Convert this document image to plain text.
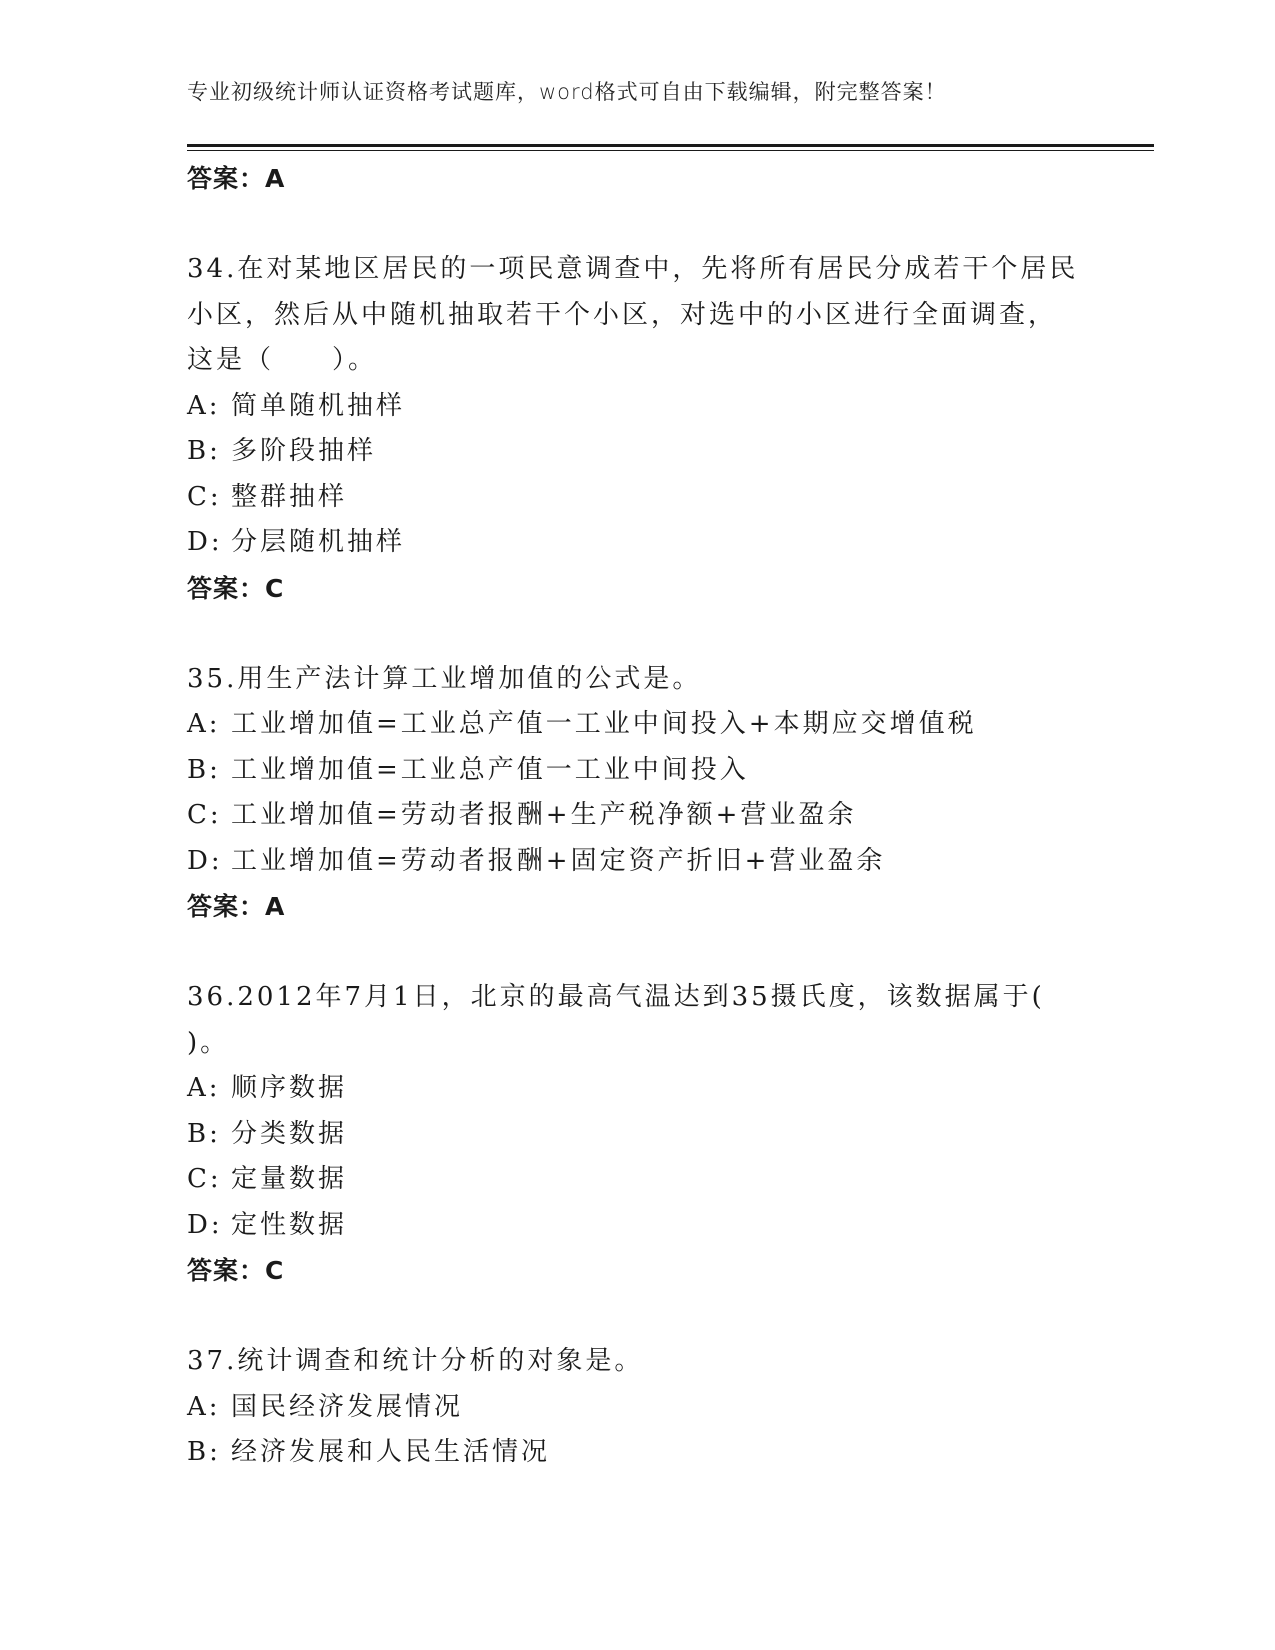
专业初级统计师认证资格考试题库，word格式可自由下载编辑，附完整答案！
答案：A
34.在对某地区居民的一项民意调查中，先将所有居民分成若干个居民
小区，然后从中随机抽取若干个小区，对选中的小区进行全面调查，
这是（　　）。
A: 简单随机抽样
B: 多阶段抽样
C: 整群抽样
D: 分层随机抽样
答案：C
35.用生产法计算工业增加值的公式是。
A: 工业增加值=工业总产值一工业中间投入+本期应交增值税
B: 工业增加值=工业总产值一工业中间投入
C: 工业增加值=劳动者报酬+生产税净额+营业盈余
D: 工业增加值=劳动者报酬+固定资产折旧+营业盈余
答案：A
36.2012年7月1日，北京的最高气温达到35摄氏度，该数据属于(
)。
A: 顺序数据
B: 分类数据
C: 定量数据
D: 定性数据
答案：C
37.统计调查和统计分析的对象是。
A: 国民经济发展情况
B: 经济发展和人民生活情况
